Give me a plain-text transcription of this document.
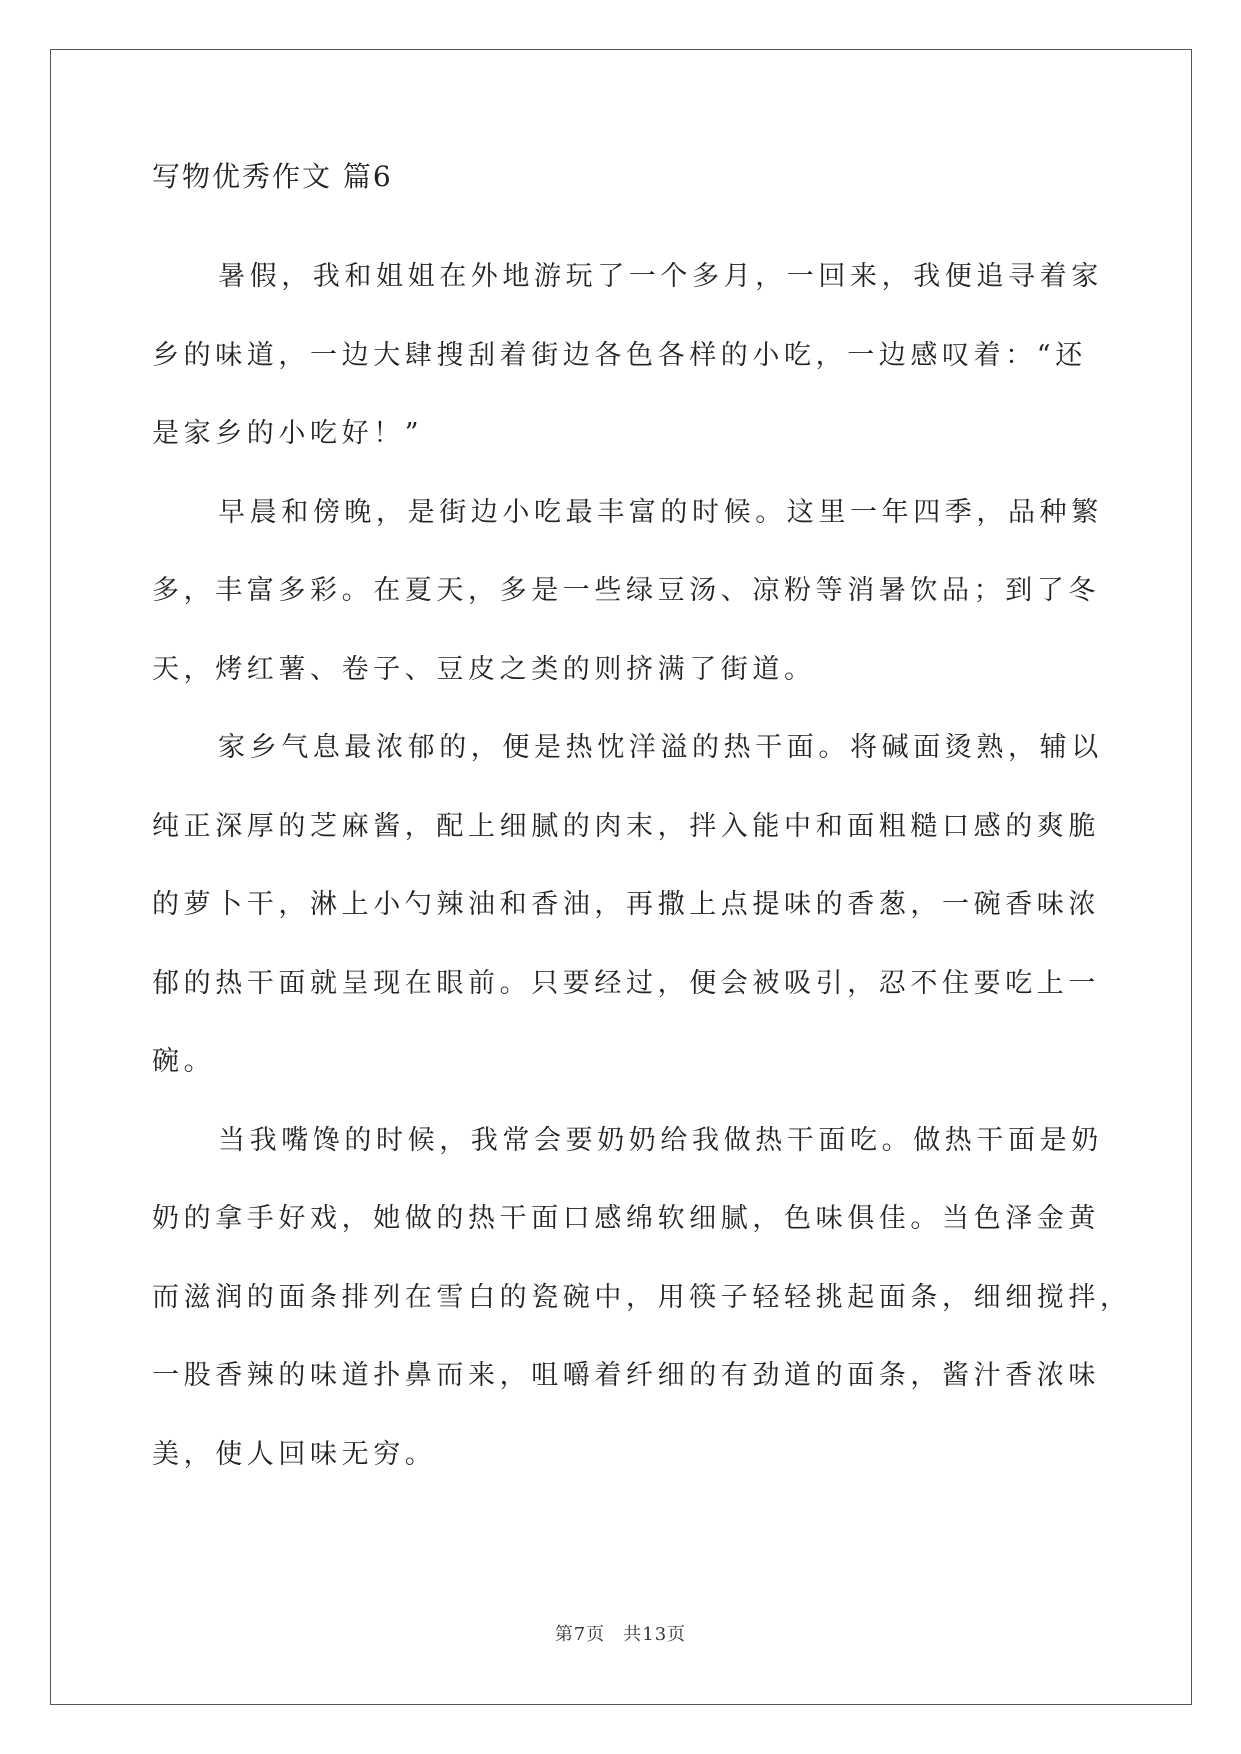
写物优秀作文 篇6

暑假，我和姐姐在外地游玩了一个多月，一回来，我便追寻着家
乡的味道，一边大肆搜刮着街边各色各样的小吃，一边感叹着：“还
是家乡的小吃好！”

早晨和傍晚，是街边小吃最丰富的时候。这里一年四季，品种繁
多，丰富多彩。在夏天，多是一些绿豆汤、凉粉等消暑饮品；到了冬
天，烤红薯、卷子、豆皮之类的则挤满了街道。

家乡气息最浓郁的，便是热忱洋溢的热干面。将碱面烫熟，辅以
纯正深厚的芝麻酱，配上细腻的肉末，拌入能中和面粗糙口感的爽脆
的萝卜干，淋上小勺辣油和香油，再撒上点提味的香葱，一碗香味浓
郁的热干面就呈现在眼前。只要经过，便会被吸引，忍不住要吃上一
碗。

当我嘴馋的时候，我常会要奶奶给我做热干面吃。做热干面是奶
奶的拿手好戏，她做的热干面口感绵软细腻，色味俱佳。当色泽金黄
而滋润的面条排列在雪白的瓷碗中，用筷子轻轻挑起面条，细细搅拌，
一股香辣的味道扑鼻而来，咀嚼着纤细的有劲道的面条，酱汁香浓味
美，使人回味无穷。

第7页 共13页
